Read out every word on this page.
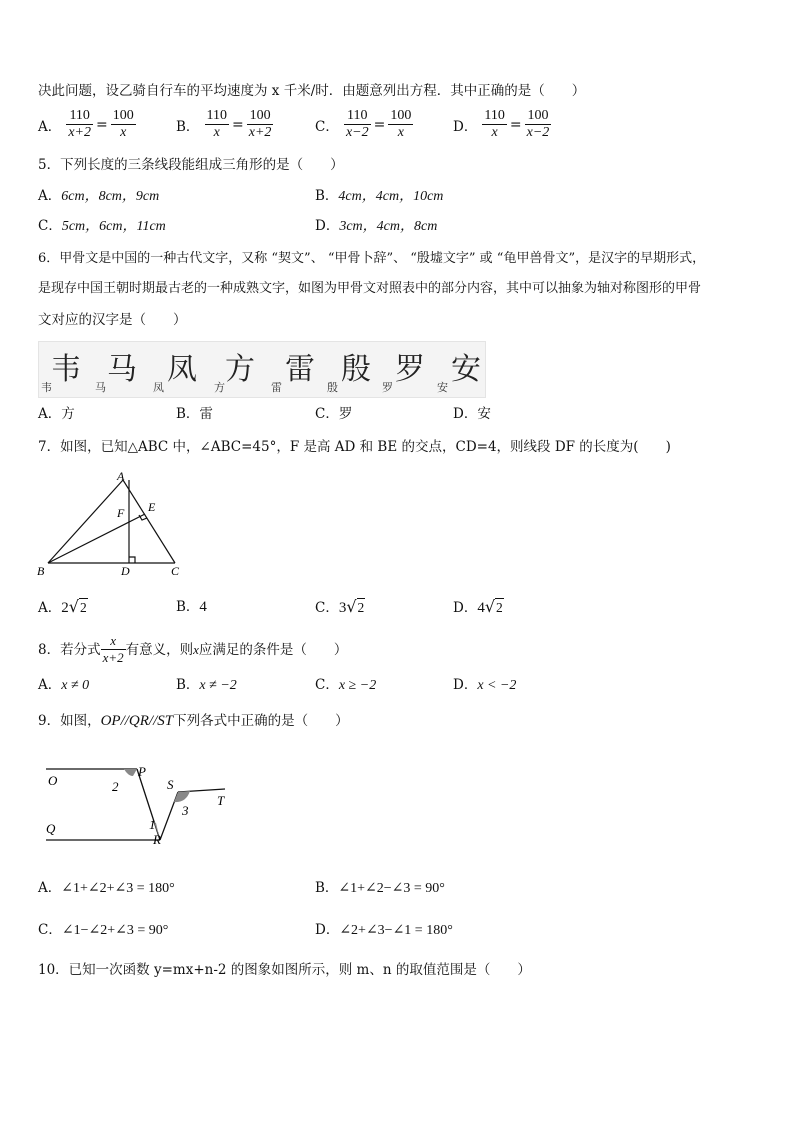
决此问题，设乙骑自行车的平均速度为 x 千米/时．由题意列出方程．其中正确的是（　　）
A． $\frac{110}{x+2} = \frac{100}{x}$	B． $\frac{110}{x} = \frac{100}{x+2}$	C． $\frac{110}{x-2} = \frac{100}{x}$	D． $\frac{110}{x} = \frac{100}{x-2}$
5．下列长度的三条线段能组成三角形的是（　　）
A．6cm，8cm，9cm	B．4cm，4cm，10cm
C．5cm，6cm，11cm	D．3cm，4cm，8cm
6．甲骨文是中国的一种古代文字，又称 “契文”、 “甲骨卜辞”、 “殷墟文字” 或 “龟甲兽骨文”，是汉字的早期形式，
是现存中国王朝时期最古老的一种成熟文字，如图为甲骨文对照表中的部分内容，其中可以抽象为轴对称图形的甲骨
文对应的汉字是（　　）
韦
韦
马
马
凤
凤
方
方
雷
雷
殷
殷
罗
罗
安
安
A．方	B．雷	C．罗	D．安
7．如图，已知△ABC 中，∠ABC=45°，F 是高 AD 和 BE 的交点，CD=4，则线段 DF 的长度为(　　)
A
B	C
D
E
F
A．2√2	B．4	C．3√2	D．4√2
8．若分式 $\frac{x}{x+2}$ 有意义，则x应满足的条件是（　　）
A．x ≠ 0	B．x ≠ −2	C．x ≥ −2	D．x < −2
9．如图，OP//QR//ST下列各式中正确的是（　　）
O
P
2	S
T
3
Q	1
R
A．∠1+∠2+∠3 = 180°	B．∠1+∠2−∠3 = 90°
C．∠1−∠2+∠3 = 90°	D．∠2+∠3−∠1 = 180°
10．已知一次函数 y=mx+n-2 的图象如图所示，则 m、n 的取值范围是（　　）
